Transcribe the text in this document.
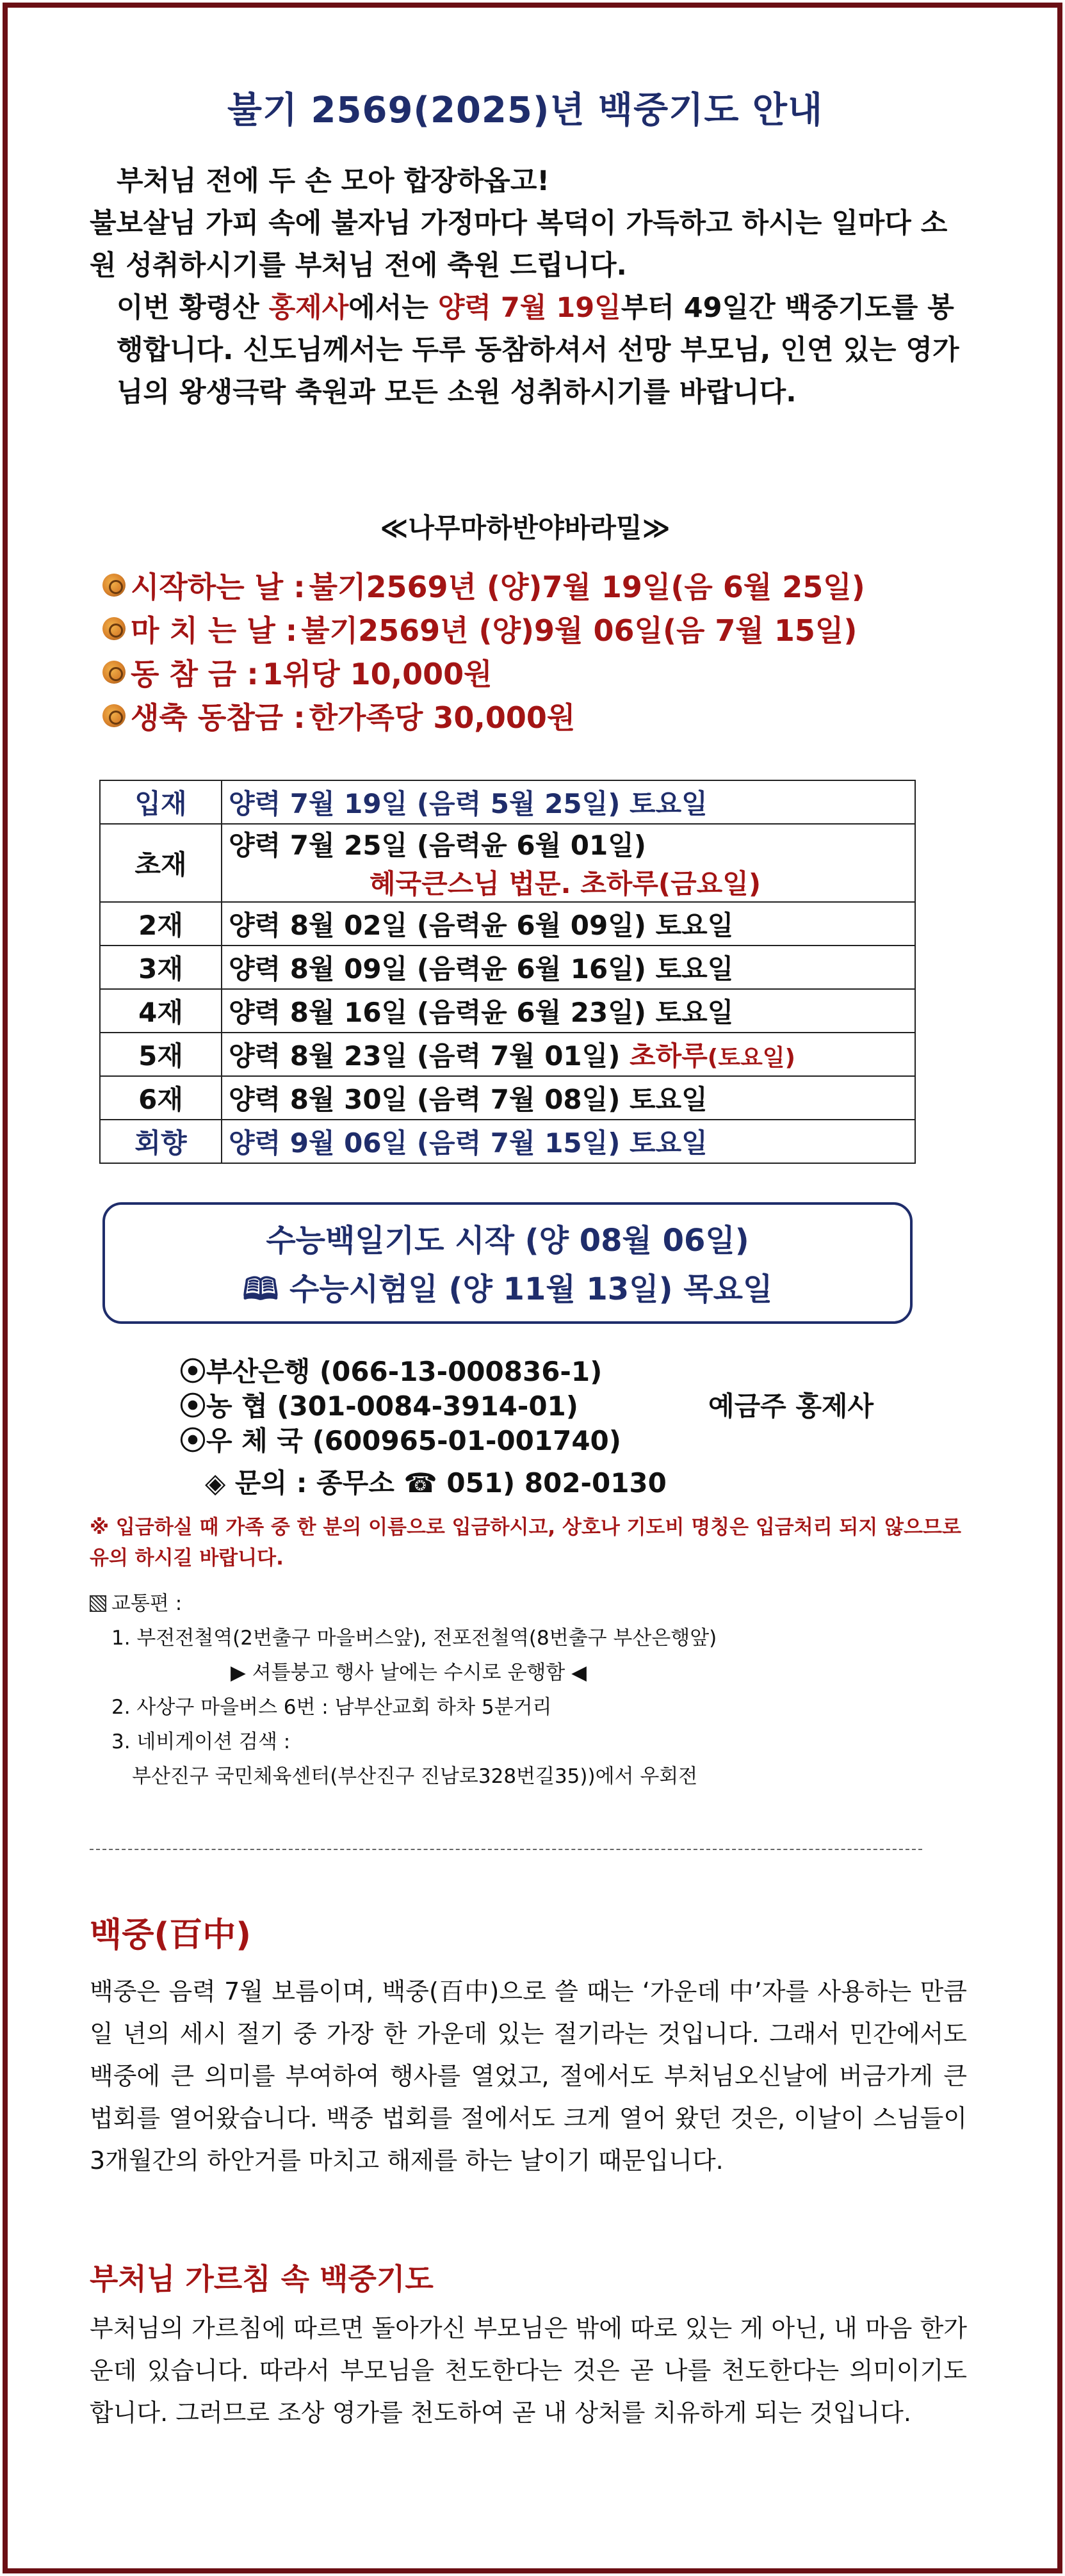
불기 2569(2025)년 백중기도 안내

부처님 전에 두 손 모아 합장하옵고!

불보살님 가피 속에 불자님 가정마다 복덕이 가득하고 하시는 일마다 소원 성취하시기를 부처님 전에 축원 드립니다.

이번 황령산 홍제사에서는 양력 7월 19일부터 49일간 백중기도를 봉행합니다. 신도님께서는 두루 동참하셔서 선망 부모님, 인연 있는 영가님의 왕생극락 축원과 모든 소원 성취하시기를 바랍니다.

≪나무마하반야바라밀≫
시작하는 날 : 불기2569년 (양)7월 19일(음 6월 25일)
마 치 는 날 : 불기2569년 (양)9월 06일(음 7월 15일)
동 참 금 : 1위당 10,000원
생축 동참금 : 한가족당 30,000원
입재	양력 7월 19일 (음력 5월 25일) 토요일
초재	양력 7월 25일 (음력윤 6월 01일)
혜국큰스님 법문. 초하루(금요일)

2재	양력 8월 02일 (음력윤 6월 09일) 토요일
3재	양력 8월 09일 (음력윤 6월 16일) 토요일
4재	양력 8월 16일 (음력윤 6월 23일) 토요일
5재	양력 8월 23일 (음력 7월 01일) 초하루(토요일)
6재	양력 8월 30일 (음력 7월 08일) 토요일
회향	양력 9월 06일 (음력 7월 15일) 토요일
수능백일기도 시작 (양 08월 06일)
🕮 수능시험일 (양 11월 13일) 목요일
⦿부산은행 (066-13-000836-1)
⦿농 협 (301-0084-3914-01)
⦿우 체 국 (600965-01-001740)
예금주 홍제사
◈ 문의 : 종무소 ☎ 051) 802-0130
※ 입금하실 때 가족 중 한 분의 이름으로 입금하시고, 상호나 기도비 명칭은 입금처리 되지 않으므로 유의 하시길 바랍니다.
교통편 :
1. 부전전철역(2번출구 마을버스앞), 전포전철역(8번출구 부산은행앞)
▶ 셔틀붕고 행사 날에는 수시로 운행함 ◀
2. 사상구 마을버스 6번 : 남부산교회 하차 5분거리
3. 네비게이션 검색 :
부산진구 국민체육센터(부산진구 진남로328번길35))에서 우회전
백중(百中)
백중은 음력 7월 보름이며, 백중(百中)으로 쓸 때는 ‘가운데 中’자를 사용하는 만큼 일 년의 세시 절기 중 가장 한 가운데 있는 절기라는 것입니다. 그래서 민간에서도 백중에 큰 의미를 부여하여 행사를 열었고, 절에서도 부처님오신날에 버금가게 큰 법회를 열어왔습니다. 백중 법회를 절에서도 크게 열어 왔던 것은, 이날이 스님들이 3개월간의 하안거를 마치고 해제를 하는 날이기 때문입니다.
부처님 가르침 속 백중기도
부처님의 가르침에 따르면 돌아가신 부모님은 밖에 따로 있는 게 아닌, 내 마음 한가운데 있습니다. 따라서 부모님을 천도한다는 것은 곧 나를 천도한다는 의미이기도 합니다. 그러므로 조상 영가를 천도하여 곧 내 상처를 치유하게 되는 것입니다.
